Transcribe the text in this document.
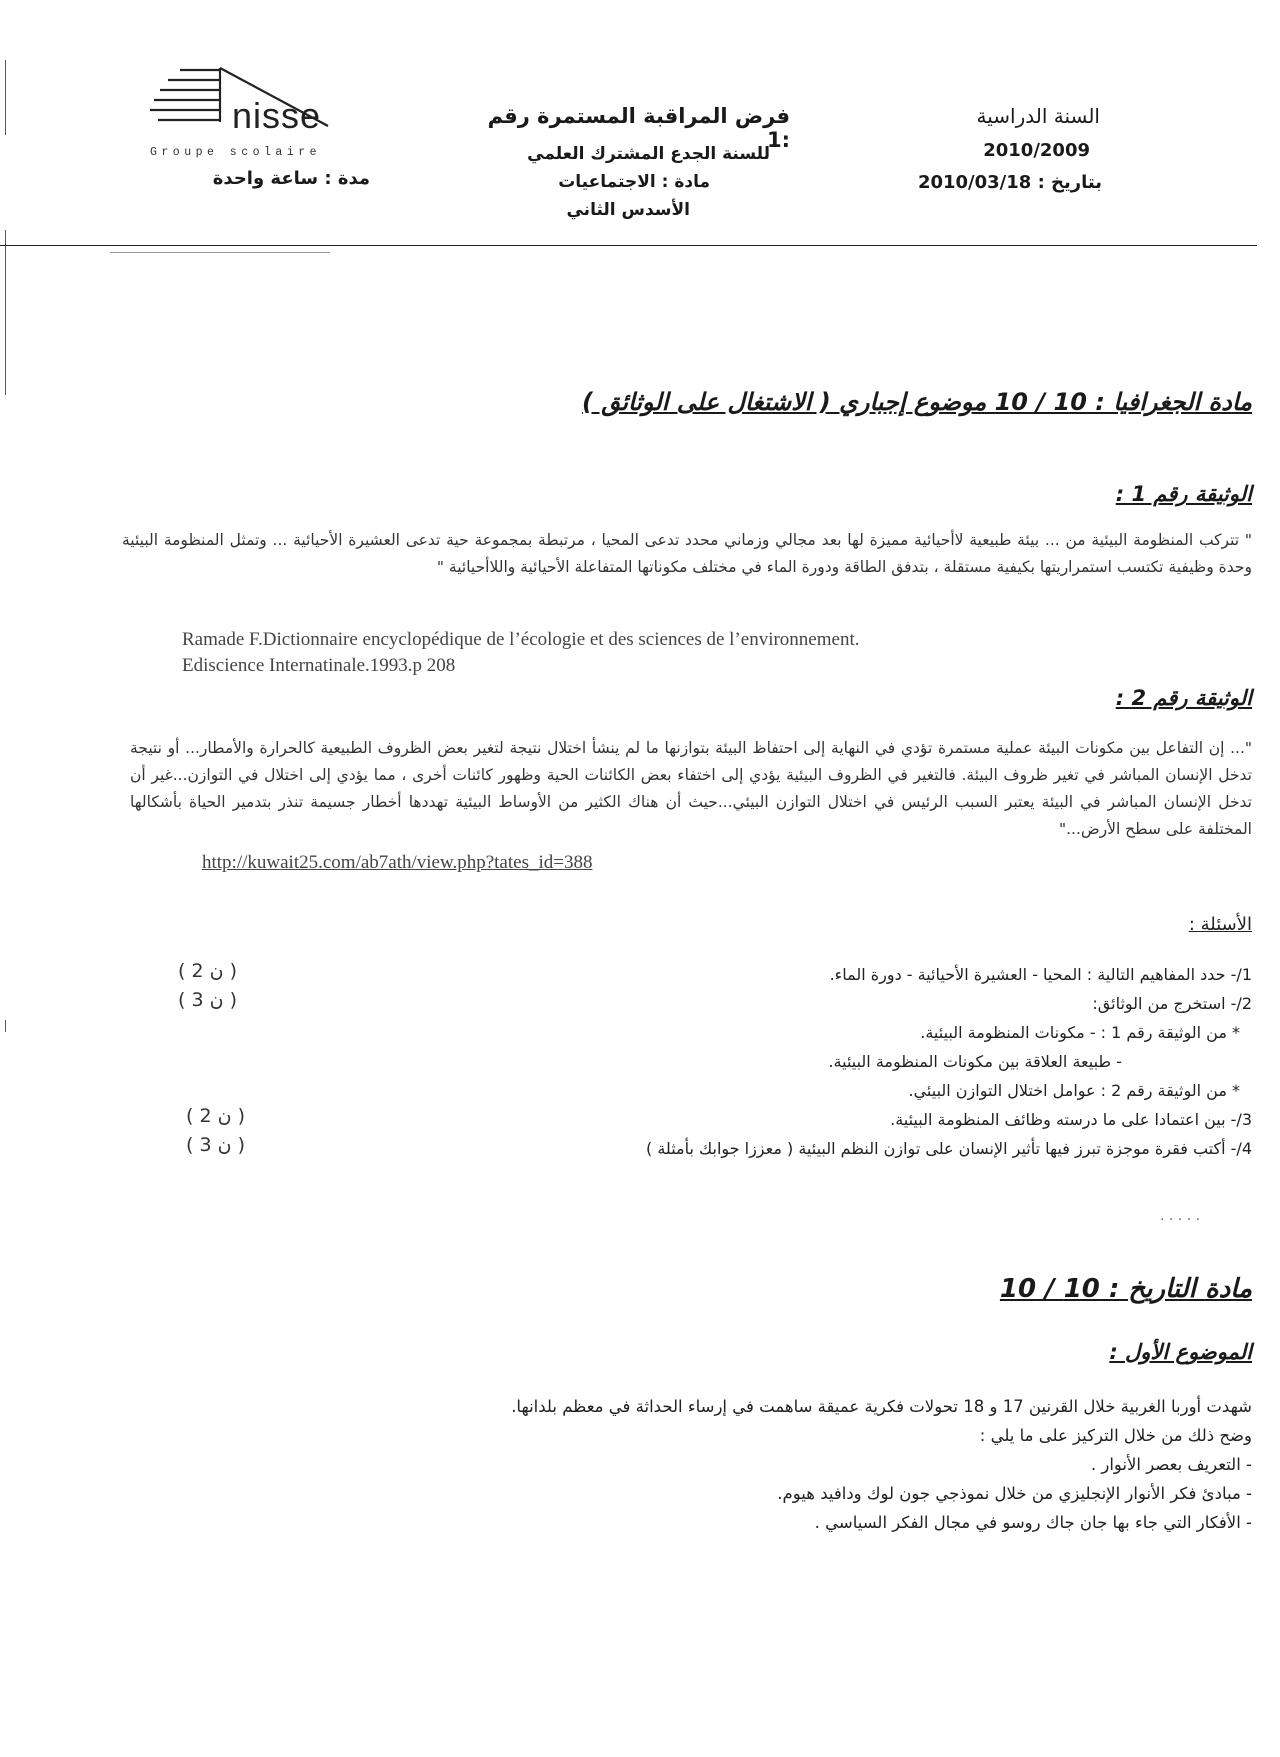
nisse
Groupe scolaire
مدة : ساعة واحدة
فرض المراقبة المستمرة رقم :1
للسنة الجدع المشترك العلمي
مادة : الاجتماعيات
الأسدس الثاني
السنة الدراسية
2010/2009
بتاريخ : 2010/03/18
مادة الجغرافيا : 10 / 10 موضوع إجباري ( الاشتغال على الوثائق )
الوثيقة رقم 1 :
" تتركب المنظومة البيئية من ... بيئة طبيعية لاأحيائية مميزة لها بعد مجالي وزماني محدد تدعى المحيا ، مرتبطة بمجموعة حية تدعى العشيرة الأحيائية ... وتمثل المنظومة البيئية وحدة وظيفية تكتسب استمراريتها بكيفية مستقلة ، بتدفق الطاقة ودورة الماء في مختلف مكوناتها المتفاعلة الأحيائية واللاأحيائية "
Ramade F.Dictionnaire encyclopédique de l’écologie et des sciences de l’environnement.
Ediscience Internatinale.1993.p 208
الوثيقة رقم 2 :
"... إن التفاعل بين مكونات البيئة عملية مستمرة تؤدي في النهاية إلى احتفاظ البيئة بتوازنها ما لم ينشأ اختلال نتيجة لتغير بعض الظروف الطبيعية كالحرارة والأمطار... أو نتيجة تدخل الإنسان المباشر في تغير ظروف البيئة. فالتغير في الظروف البيئية يؤدي إلى اختفاء بعض الكائنات الحية وظهور كائنات أخرى ، مما يؤدي إلى اختلال في التوازن...غير أن تدخل الإنسان المباشر في البيئة يعتبر السبب الرئيس في اختلال التوازن البيئي...حيث أن هناك الكثير من الأوساط البيئية تهددها أخطار جسيمة تنذر بتدمير الحياة بأشكالها المختلفة على سطح الأرض..."
http://kuwait25.com/ab7ath/view.php?tates_id=388
الأسئلة :
1/- حدد المفاهيم التالية : المحيا - العشيرة الأحيائية - دورة الماء.
( ن 2 )
2/- استخرج من الوثائق:
( ن 3 )
* من الوثيقة رقم 1 : - مكونات المنظومة البيئية.
- طبيعة العلاقة بين مكونات المنظومة البيئية.
* من الوثيقة رقم 2 : عوامل اختلال التوازن البيئي.
3/- بين اعتمادا على ما درسته وظائف المنظومة البيئية.
( ن 2 )
4/- أكتب فقرة موجزة تبرز فيها تأثير الإنسان على توازن النظم البيئية ( معززا جوابك بأمثلة )
( ن 3 )
. . . . .
مادة التاريخ : 10 / 10
الموضوع الأول :
شهدت أوربا الغربية خلال القرنين 17 و 18 تحولات فكرية عميقة ساهمت في إرساء الحداثة في معظم بلدانها.
وضح ذلك من خلال التركيز على ما يلي :
- التعريف بعصر الأنوار .
- مبادئ فكر الأنوار الإنجليزي من خلال نموذجي جون لوك ودافيد هيوم.
- الأفكار التي جاء بها جان جاك روسو في مجال الفكر السياسي .
